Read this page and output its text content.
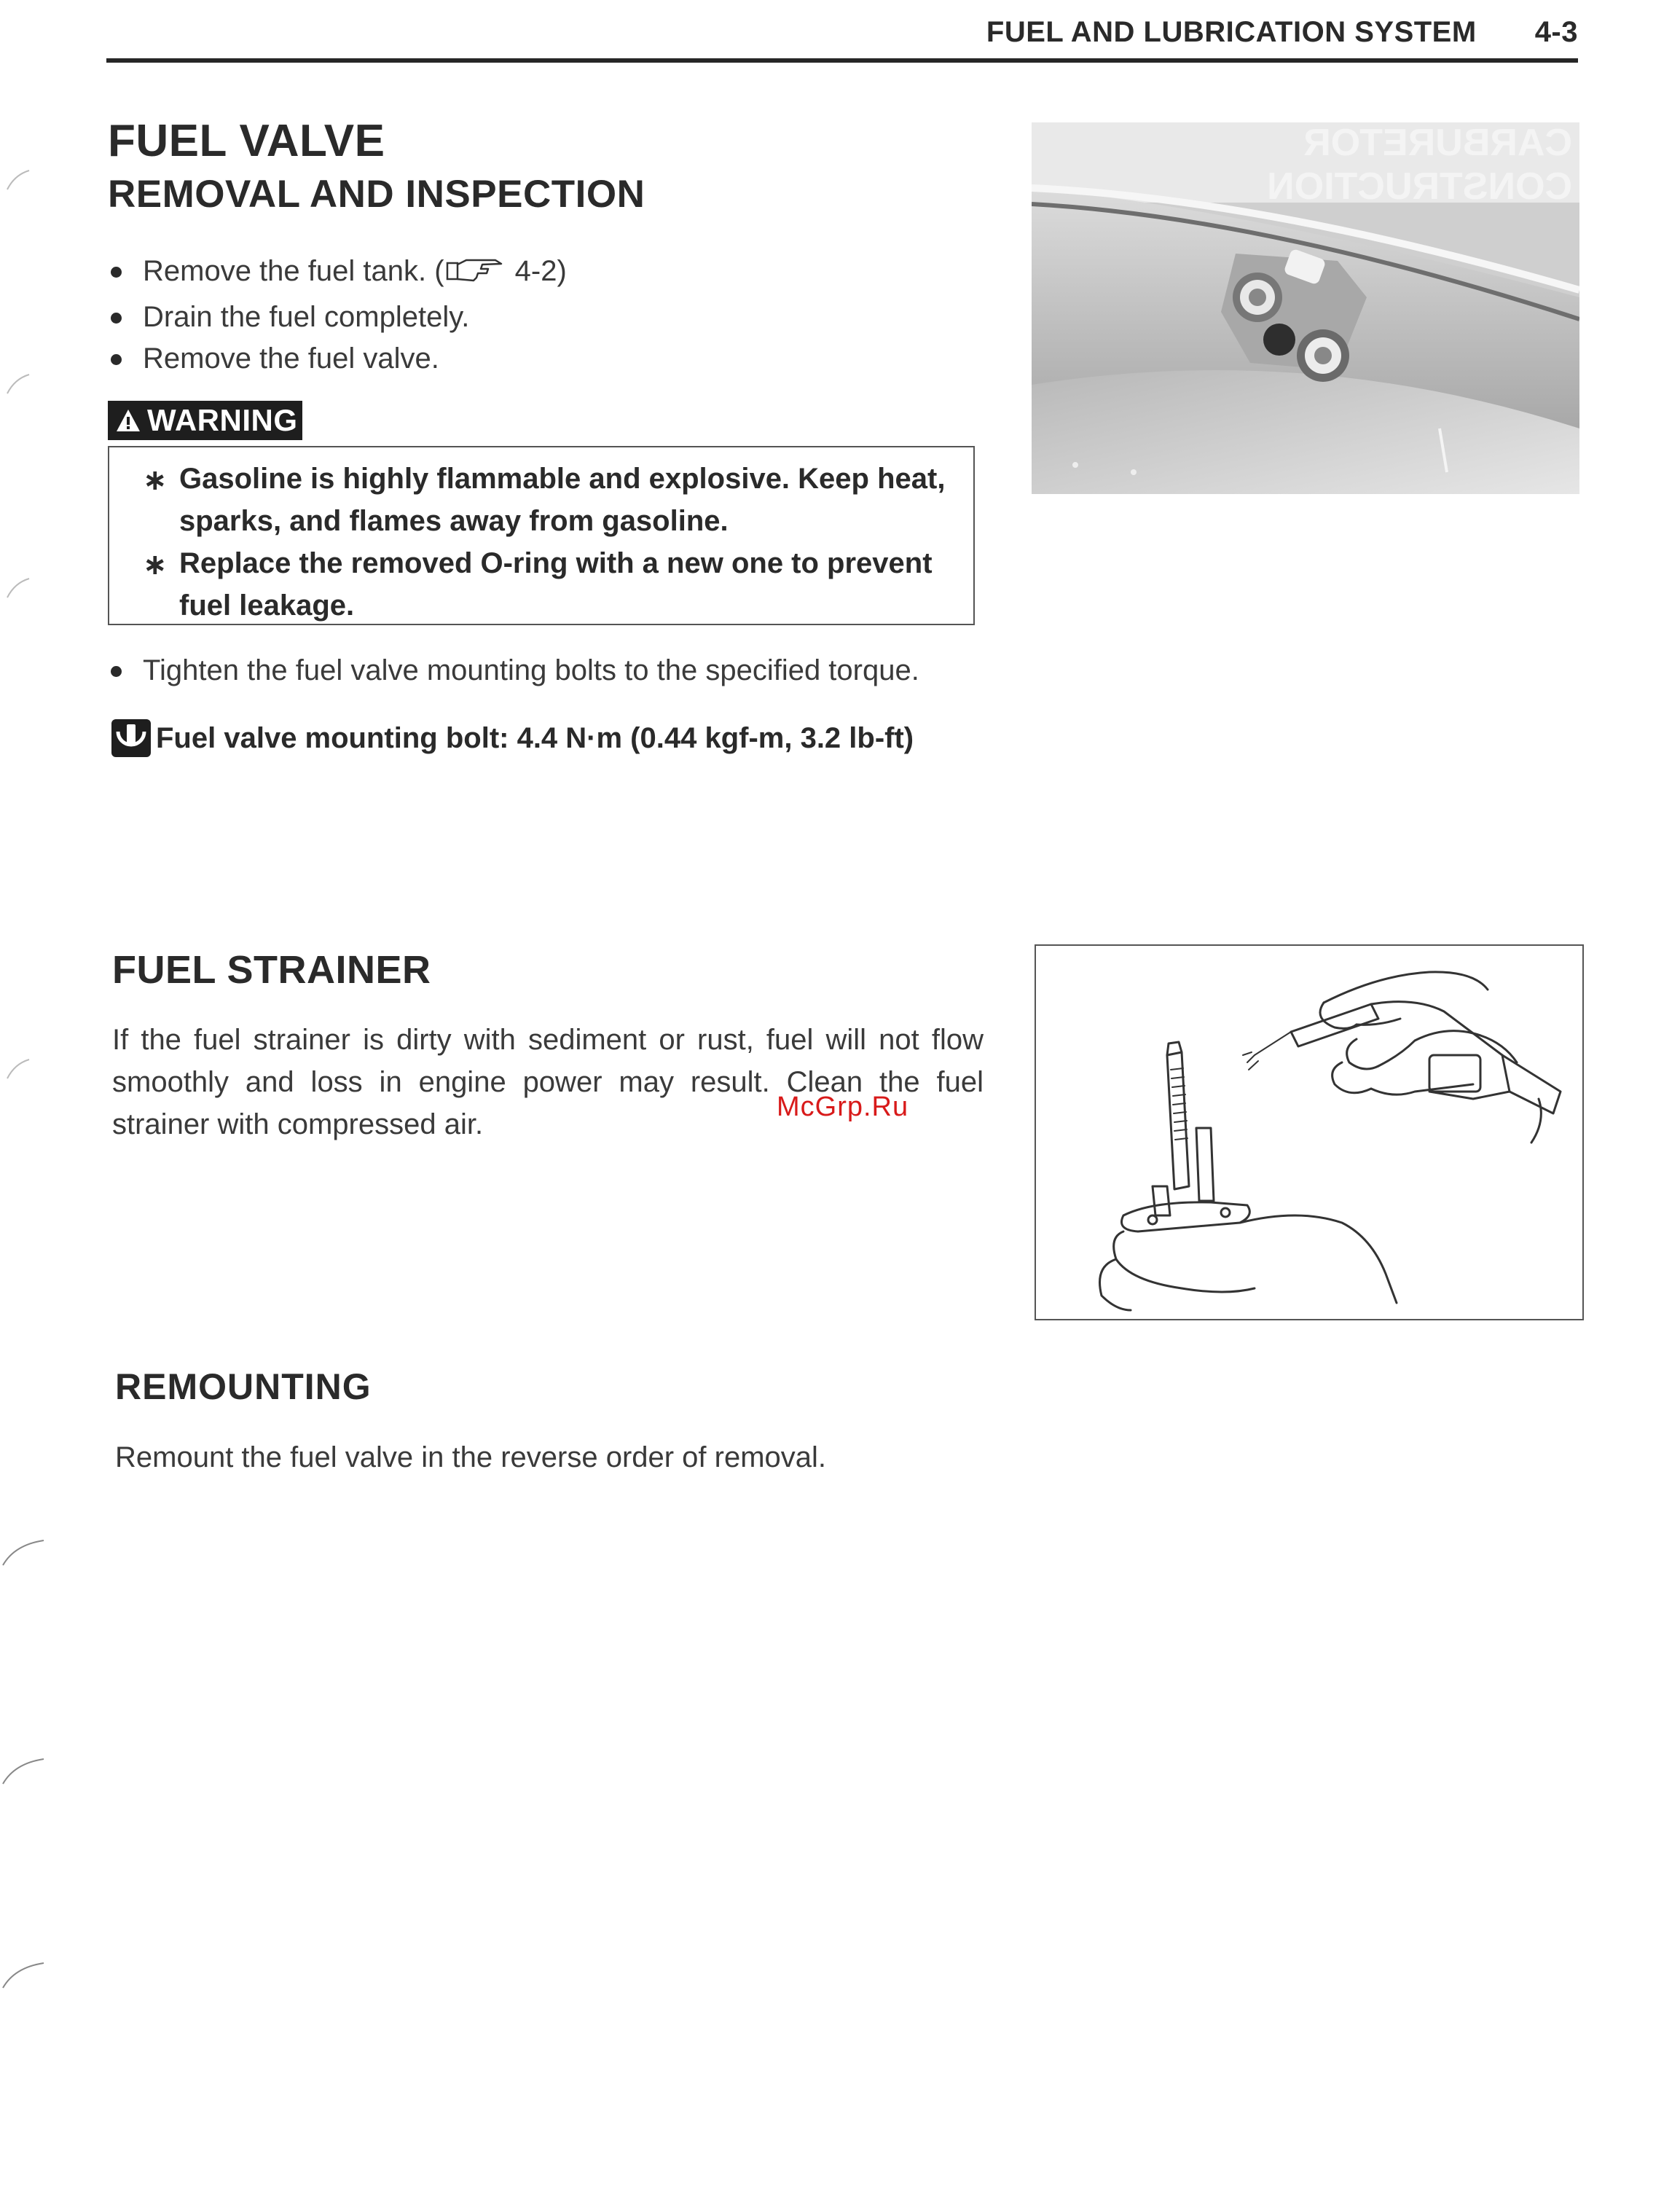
FUEL AND LUBRICATION SYSTEM 4-3
FUEL VALVE
REMOVAL AND INSPECTION
Remove the fuel tank. ( 4-2)
Drain the fuel completely.
Remove the fuel valve.
WARNING
∗ Gasoline is highly flammable and explosive. Keep heat, sparks, and flames away from gasoline.
∗ Replace the removed O-ring with a new one to prevent fuel leakage.
Tighten the fuel valve mounting bolts to the specified torque.
Fuel valve mounting bolt: 4.4 N·m (0.44 kgf-m, 3.2 lb-ft)
CARBURETOR
CONSTRUCTION
FUEL STRAINER

If the fuel strainer is dirty with sediment or rust, fuel will not flow smoothly and loss in engine power may result. Clean the fuel strainer with compressed air.

McGrp.Ru
REMOUNTING
Remount the fuel valve in the reverse order of removal.
